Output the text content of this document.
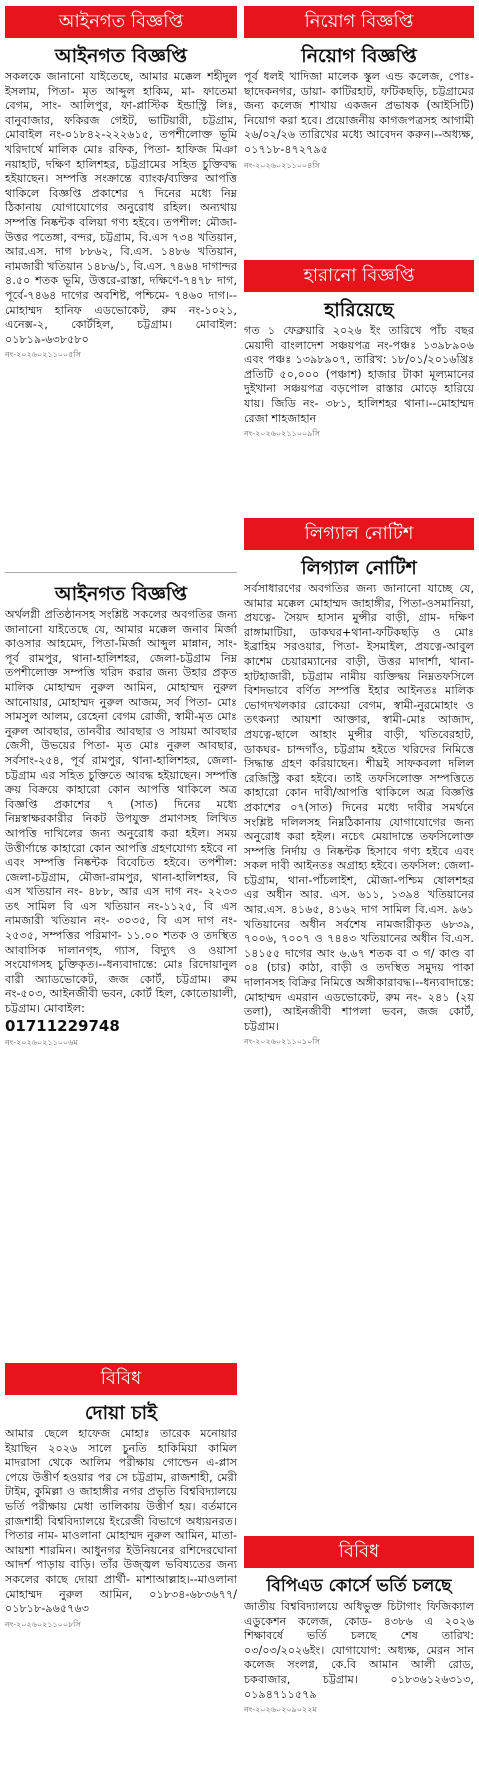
আইনগত বিজ্ঞপ্তি
আইনগত বিজ্ঞপ্তি
সকলকে জানানো যাইতেছে, আমার মক্কেল শহীদুল ইসলাম, পিতা- মৃত আব্দুল হাকিম, মা- ফাতেমা বেগম, সাং- আলিপুর, ফা-প্লাস্টিক ইন্ডাস্ট্রি লিঃ, বানুবাজার, ফকিরজ গেইট, ভাটিয়ারী, চট্টগ্রাম, মোবাইল নং-০১৮৪২-২২২৬১৫, তপশীলোক্ত ভূমি খরিদার্থে মালিক মোঃ রফিক, পিতা- হাফিজ মিঞা নয়াহাট, দক্ষিণ হালিশহর, চট্টগ্রামের সহিত চুক্তিবদ্ধ হইয়াছেন। সম্পত্তি সংক্রান্তে ব্যাংক/ব্যক্তির আপত্তি থাকিলে বিজ্ঞপ্তি প্রকাশের ৭ দিনের মধ্যে নিম্ন ঠিকানায় যোগাযোগের অনুরোধ রহিল। অন্যথায় সম্পত্তি নিষ্কন্টক বলিয়া গণ্য হইবে। তপশীল: মৌজা-উত্তর পতেঙ্গা, বন্দর, চট্টগ্রাম, বি.এস ৭৩৪ খতিয়ান, আর.এস. দাগ ৮৮৬২, বি.এস. ১৪৮৬ খতিয়ান, নামজারী খতিয়ান ১৪৮৬/১, বি.এস. ৭৪৬৪ দাগান্দর ৪.৫০ শতক ভূমি, উত্তরে-রাস্তা, দক্ষিণে-৭৪৭৮ দাগ, পূর্বে-৭৪৬৪ দাগের অবশিষ্ট, পশ্চিমে- ৭৪৬০ দাগ।--মোহাম্মদ হানিফ এডভোকেট, রুম নং-১০২১, এনেক্স-২, কোর্টহিল, চট্টগ্রাম। মোবাইল: ০১৮১৯-৬৩৮৫৮০
নং-২০২৬০২১১০০৫সি
আইনগত বিজ্ঞপ্তি
অর্থলগ্নী প্রতিষ্ঠানসহ সংশ্লিষ্ট সকলের অবগতির জন্য জানানো যাইতেছে যে, আমার মক্কেল জনাব মির্জা কাওসার আহমেদ, পিতা-মির্জা আব্দুল মান্নান, সাং-পূর্ব রামপুর, থানা-হালিশহর, জেলা-চট্টগ্রাম নিম্ন তপশীলোক্ত সম্পত্তি খরিদ করার জন্য উহার প্রকৃত মালিক মোহাম্মদ নুরুল আমিন, মোহাম্মদ নুরুল আনোয়ার, মোহাম্মদ নুরুল আজম, সর্ব পিতা- মোঃ সামসুল আলম, রেহেনা বেগম রোজী, স্বামী-মৃত মোঃ নুরুল আবছার, তানবীর আবছার ও সায়মা আবছার জেসী, উভয়ের পিতা- মৃত মোঃ নুরুল আবছার, সর্বসাং-২৫৪, পূর্ব রামপুর, থানা-হালিশহর, জেলা-চট্টগ্রাম এর সহিত চুক্তিতে আবদ্ধ হইয়াছেন। সম্পত্তি ক্রয় বিক্রয়ে কাহারো কোন আপত্তি থাকিলে অত্র বিজ্ঞপ্তি প্রকাশের ৭ (সাত) দিনের মধ্যে নিম্নস্বাক্ষরকারীর নিকট উপযুক্ত প্রমাণসহ লিখিত আপত্তি দাখিলের জন্য অনুরোধ করা হইল। সময় উত্তীর্ণান্তে কাহারো কোন আপত্তি গ্রহণযোগ্য হইবে না এবং সম্পত্তি নিষ্কন্টক বিবেচিত হইবে। তপশীল: জেলা-চট্টগ্রাম, মৌজা-রামপুর, থানা-হালিশহর, বি এস খতিয়ান নং- ৪৮৮, আর এস দাগ নং- ২২৩৩ তৎ সামিল বি এস খতিয়ান নং-১১২৫, বি এস নামজারী খতিয়ান নং- ৩০৩৫, বি এস দাগ নং- ২৫৩৫, সম্পত্তির পরিমাণ- ১১.০০ শতক ও তদস্থিত আবাসিক দালানগৃহ, গ্যাস, বিদ্যুৎ ও ওয়াসা সংযোগসহ চুক্তিকৃত।--ধন্যবাদান্তে: মোঃ রিদোয়ানুল বারী অ্যাডভোকেট, জজ কোর্ট, চট্টগ্রাম। রুম নং-৫০৩, আইনজীবী ভবন, কোর্ট হিল, কোতোয়ালী, চট্টগ্রাম। মোবাইল:
01711229748
নং-২০২৬০২১১০০৬ম
বিবিধ
দোয়া চাই
আমার ছেলে হাফেজ মোহাঃ তারেক মনোয়ার ইয়াছিন ২০২৬ সালে চুনতি হাকিমিয়া কামিল মাদরাসা থেকে আলিম পরীক্ষায় গোল্ডেন এ-প্লাস পেয়ে উত্তীর্ণ হওয়ার পর সে চট্টগ্রাম, রাজশাহী, মেরী টাইম, কুমিল্লা ও জাহাঙ্গীর নগর প্রভৃতি বিশ্ববিদ্যালয়ে ভর্তি পরীক্ষায় মেধা তালিকায় উত্তীর্ণ হয়। বর্তমানে রাজশাহী বিশ্ববিদ্যালয়ে ইংরেজী বিভাগে অধ্যয়নরত। পিতার নাম- মাওলানা মোহাম্মদ নুরুল আমিন, মাতা- আয়শা শারমিন। আধুনগর ইউনিয়নের রশিদেরঘোনা আদর্শ পাড়ায় বাড়ি। তাঁর উজ্জ্বল ভবিষ্যতের জন্য সকলের কাছে দোয়া প্রার্থী- মাশাআল্লাহ।--মাওলানা মোহাম্মদ নুরুল আমিন, ০১৮৩৪-৬৮৩৬৭৭/ ০১৮১৮-৯৬৫৭৬৩
নং-২০২৬০২১১০০৮সি
নিয়োগ বিজ্ঞপ্তি
নিয়োগ বিজ্ঞপ্তি
পূর্ব ধলই খাদিজা মালেক স্কুল এন্ড কলেজ, পোঃ- ছাদেকনগর, ডায়া- কাটিরহাট, ফটিকছড়ি, চট্টগ্রামের জন্য কলেজ শাখায় একজন প্রভাষক (আইসিটি) নিয়োগ করা হবে। প্রয়োজনীয় কাগজপত্রসহ আগামী ২৬/০২/২৬ তারিখের মধ্যে আবেদন করুন।--অধ্যক্ষ, ০১৭১৮-৪৭২৭৯৫
নং-২০২৬০২১১০০৪সি
হারানো বিজ্ঞপ্তি
হারিয়েছে
গত ১ ফেব্রুয়ারি ২০২৬ ইং তারিখে পাঁচ বছর মেয়াদী বাংলাদেশ সঞ্চয়পত্র নং-পঞ্চঃ ১৩৯৮৯০৬ এবং পঞ্চঃ ১৩৯৮৯০৭, তারিখ: ১৮/০১/২০১৬খ্রিঃ প্রতিটি ৫০,০০০ (পঞ্চাশ) হাজার টাকা মূল্যমানের দুইখানা সঞ্চয়পত্র বড়পোল রাস্তার মোড়ে হারিয়ে যায়। জিডি নং- ৩৮১, হালিশহর থানা।--মোহাম্মদ রেজা শাহজাহান
নং-২০২৬০২১১০০৯সি
লিগ্যাল নোটিশ
লিগ্যাল নোটিশ
সর্বসাধারণের অবগতির জন্য জানানো যাচ্ছে যে, আমার মক্কেল মোহাম্মদ জাহাঙ্গীর, পিতা-ওসমানিয়া, প্রযত্নে- সৈয়দ হাসান মুন্সীর বাড়ী, গ্রাম- দক্ষিণ রাঙ্গামাটিয়া, ডাকঘর+থানা-ফটিকছড়ি ও মোঃ ইব্রাহিম সরওয়ার, পিতা- ইসমাইল, প্রযত্নে-আবুল কাশেম চেয়ারম্যানের বাড়ী, উত্তর মাদার্শা, থানা-হাটহাজারী, চট্টগ্রাম নামীয় ব্যক্তিদ্বয় নিম্নতফসিলে বিশদভাবে বর্ণিত সম্পত্তি ইহার আইনতঃ মালিক ভোগদখলকার রোকেয়া বেগম, স্বামী-নুরমোহাং ও তৎকন্যা আয়শা আক্তার, স্বামী-মোঃ আজাদ, প্রযত্নে-ছালে আহাং মুন্সীর বাড়ী, খতিবেরহাট, ডাকঘর- চান্দগাঁও, চট্টগ্রাম হইতে খরিদের নিমিত্তে সিদ্ধান্ত গ্রহণ করিয়াছেন। শীঘ্রই সাফকবলা দলিল রেজিস্ট্রি করা হইবে। তাই তফসিলোক্ত সম্পত্তিতে কাহারো কোন দাবী/আপত্তি থাকিলে অত্র বিজ্ঞপ্তি প্রকাশের ০৭(সাত) দিনের মধ্যে দাবীর সমর্থনে সংশ্লিষ্ট দলিলসহ নিম্নঠিকানায় যোগাযোগের জন্য অনুরোধ করা হইল। নচেৎ মেয়াদান্তে তফসিলোক্ত সম্পত্তি নির্দায় ও নিষ্কন্টক হিসাবে গণ্য হইবে এবং সকল দাবী আইনতঃ অগ্রাহ্য হইবে। তফসিল: জেলা-চট্টগ্রাম, থানা-পাঁচলাইশ, মৌজা-পশ্চিম ষোলশহর এর অধীন আর. এস. ৬১১, ১৩৯৪ খতিয়ানের আর.এস. ৪১৬৫, ৪১৬২ দাগ সামিল বি.এস. ৯৬১ খতিয়ানের অধীন সর্বশেষ নামজারীকৃত ৬৮৩৯, ৭০০৬, ৭০০৭ ও ৭৪৪৩ খতিয়ানের অধীন বি.এস. ১৪১৫৫ দাগের আং ৬.৬৭ শতক বা ৩ গ/ কাণ্ড বা ০৪ (চার) কাঠা, বাড়ী ও তদস্থিত সমুদয় পাকা দালানসহ বিক্রির নিমিত্তে অঙ্গীকারাবদ্ধ।--ধন্যবাদান্তে: মোহাম্মদ এমরান এডভোকেট, রুম নং- ২৪১ (২য় তলা), আইনজীবী শাপলা ভবন, জজ কোর্ট, চট্টগ্রাম।
নং-২০২৬০২১১০১০সি
বিবিধ
বিপিএড কোর্সে ভর্তি চলছে
জাতীয় বিশ্ববিদ্যালয়ে অধিভুক্ত চিটাগাং ফিজিক্যাল এডুকেশন কলেজ, কোড- ৪৩৮৬ এ ২০২৬ শিক্ষাবর্ষে ভর্তি চলছে শেষ তারিখ: ০৩/০৩/২০২৬ইং। যোগাযোগ: অধ্যক্ষ, মেরন সান কলেজ সংলগ্ন, কে.বি আমান আলী রোড, চকবাজার, চট্টগ্রাম। ০১৮৩৬১২৬৩১৩, ০১৯৪৭১১৫৭৯
নং-২০২৬০২০৯০২২ম
